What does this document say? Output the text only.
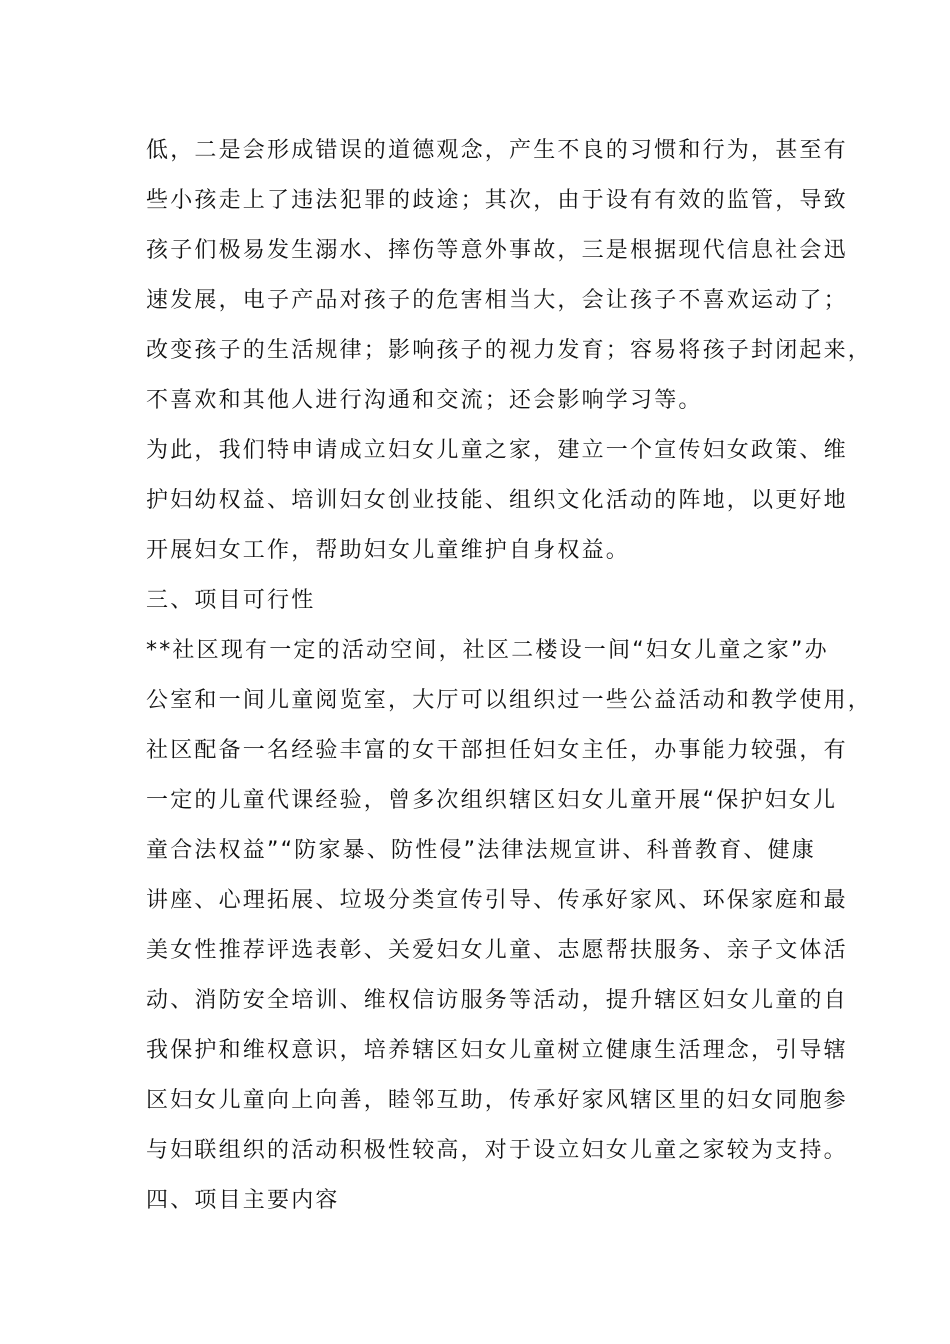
低，二是会形成错误的道德观念，产生不良的习惯和行为，甚至有
些小孩走上了违法犯罪的歧途；其次，由于设有有效的监管，导致
孩子们极易发生溺水、摔伤等意外事故，三是根据现代信息社会迅
速发展，电子产品对孩子的危害相当大，会让孩子不喜欢运动了；
改变孩子的生活规律；影响孩子的视力发育；容易将孩子封闭起来，
不喜欢和其他人进行沟通和交流；还会影响学习等。
为此，我们特申请成立妇女儿童之家，建立一个宣传妇女政策、维
护妇幼权益、培训妇女创业技能、组织文化活动的阵地，以更好地
开展妇女工作，帮助妇女儿童维护自身权益。
三、项目可行性
**社区现有一定的活动空间，社区二楼设一间“妇女儿童之家”办
公室和一间儿童阅览室，大厅可以组织过一些公益活动和教学使用，
社区配备一名经验丰富的女干部担任妇女主任，办事能力较强，有
一定的儿童代课经验，曾多次组织辖区妇女儿童开展“保护妇女儿
童合法权益”“防家暴、防性侵”法律法规宣讲、科普教育、健康
讲座、心理拓展、垃圾分类宣传引导、传承好家风、环保家庭和最
美女性推荐评选表彰、关爱妇女儿童、志愿帮扶服务、亲子文体活
动、消防安全培训、维权信访服务等活动，提升辖区妇女儿童的自
我保护和维权意识，培养辖区妇女儿童树立健康生活理念，引导辖
区妇女儿童向上向善，睦邻互助，传承好家风辖区里的妇女同胞参
与妇联组织的活动积极性较高，对于设立妇女儿童之家较为支持。
四、项目主要内容
